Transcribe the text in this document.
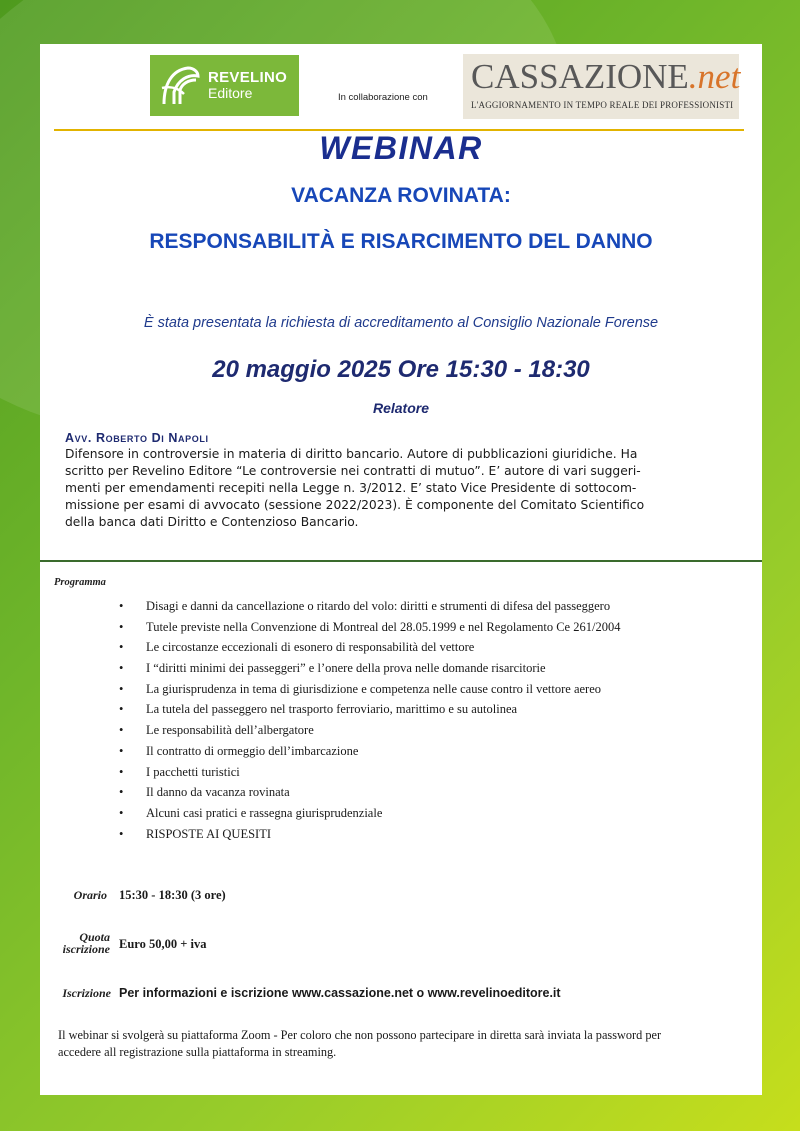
REVELINO
Editore	In collaborazione con
CASSAZIONE.net
L'AGGIORNAMENTO IN TEMPO REALE DEI PROFESSIONISTI
WEBINAR
VACANZA ROVINATA:
RESPONSABILITÀ E RISARCIMENTO DEL DANNO
È stata presentata la richiesta di accreditamento al Consiglio Nazionale Forense
20 maggio 2025 Ore 15:30 - 18:30
Relatore
Avv. Roberto Di Napoli
Difensore in controversie in materia di diritto bancario. Autore di pubblicazioni giuridiche. Ha
scritto per Revelino Editore “Le controversie nei contratti di mutuo”. E’ autore di vari suggeri-
menti per emendamenti recepiti nella Legge n. 3/2012. E’ stato Vice Presidente di sottocom-
missione per esami di avvocato (sessione 2022/2023). È componente del Comitato Scientifico
della banca dati Diritto e Contenzioso Bancario.
Programma
• Disagi e danni da cancellazione o ritardo del volo: diritti e strumenti di difesa del passeggero
• Tutele previste nella Convenzione di Montreal del 28.05.1999 e nel Regolamento Ce 261/2004
• Le circostanze eccezionali di esonero di responsabilità del vettore
• I “diritti minimi dei passeggeri” e l’onere della prova nelle domande risarcitorie
• La giurisprudenza in tema di giurisdizione e competenza nelle cause contro il vettore aereo
• La tutela del passeggero nel trasporto ferroviario, marittimo e su autolinea
• Le responsabilità dell’albergatore
• Il contratto di ormeggio dell’imbarcazione
• I pacchetti turistici
• Il danno da vacanza rovinata
• Alcuni casi pratici e rassegna giurisprudenziale
• RISPOSTE AI QUESITI
Orario 15:30 - 18:30 (3 ore)
Quota
iscrizione Euro 50,00 + iva
Iscrizione Per informazioni e iscrizione www.cassazione.net o www.revelinoeditore.it
Il webinar si svolgerà su piattaforma Zoom - Per coloro che non possono partecipare in diretta sarà inviata la password per
accedere all registrazione sulla piattaforma in streaming.
